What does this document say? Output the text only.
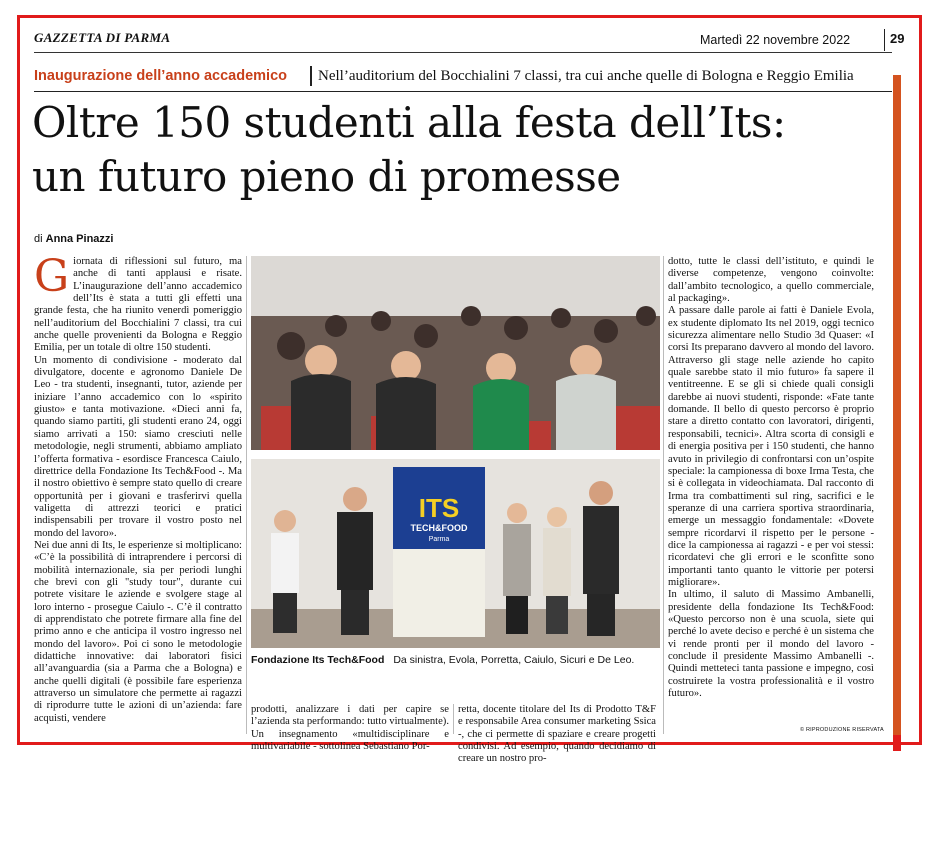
GAZZETTA DI PARMA	Martedì 22 novembre 2022	29
Inaugurazione dell’anno accademico Nell’auditorium del Bocchialini 7 classi, tra cui anche quelle di Bologna e Reggio Emilia
Oltre 150 studenti alla festa dell’Its:
un futuro pieno di promesse
di Anna Pinazzi

Giornata di riflessioni sul futuro, ma anche di tanti applausi e risate. L’inaugurazione dell’anno accademico dell’Its è stata a tutti gli effetti una grande festa, che ha riunito venerdì pomeriggio nell’auditorium del Bocchialini 7 classi, tra cui anche quelle provenienti da Bologna e Reggio Emilia, per un totale di oltre 150 studenti.

Un momento di condivisione - moderato dal divulgatore, docente e agronomo Daniele De Leo - tra studenti, insegnanti, tutor, aziende per iniziare l’anno accademico con lo «spirito giusto» e tanta motivazione. «Dieci anni fa, quando siamo partiti, gli studenti erano 24, oggi siamo arrivati a 150: siamo cresciuti nelle metodologie, negli strumenti, abbiamo ampliato l’offerta formativa - esordisce Francesca Caiulo, direttrice della Fondazione Its Tech&Food -. Ma il nostro obiettivo è sempre stato quello di creare opportunità per i giovani e trasferirvi quella valigetta di attrezzi teorici e pratici indispensabili per trovare il vostro posto nel mondo del lavoro».

Nei due anni di Its, le esperienze si moltiplicano: «C’è la possibilità di intraprendere i percorsi di mobilità internazionale, sia per periodi lunghi che brevi con gli "study tour", durante cui potrete visitare le aziende e svolgere stage al loro interno - prosegue Caiulo -. C’è il contratto di apprendistato che potrete firmare alla fine del primo anno e che anticipa il vostro ingresso nel mondo del lavoro». Poi ci sono le metodologie didattiche innovative: dai laboratori fisici all’avanguardia (sia a Parma che a Bologna) e anche quelli digitali (è possibile fare esperienza attraverso un simulatore che permette ai ragazzi di riprodurre tutte le azioni di un’azienda: fare acquisti, vendere

ITS
TECH&FOOD
Parma
Fondazione Its Tech&Food Da sinistra, Evola, Porretta, Caiulo, Sicuri e De Leo.

prodotti, analizzare i dati per capire se l’azienda sta performando: tutto virtualmente). Un insegnamento «multidisciplinare e multivariabile - sottolinea Sebastiano Por-

retta, docente titolare del Its di Prodotto T&F e responsabile Area consumer marketing Ssica -, che ci permette di spaziare e creare progetti condivisi. Ad esempio, quando decidiamo di creare un nostro pro-

dotto, tutte le classi dell’istituto, e quindi le diverse competenze, vengono coinvolte: dall’ambito tecnologico, a quello commerciale, al packaging».

A passare dalle parole ai fatti è Daniele Evola, ex studente diplomato Its nel 2019, oggi tecnico sicurezza alimentare nello Studio 3d Quaser: «I corsi Its preparano davvero al mondo del lavoro. Attraverso gli stage nelle aziende ho capito quale sarebbe stato il mio futuro» fa sapere il ventitreenne. E se gli si chiede quali consigli darebbe ai nuovi studenti, risponde: «Fate tante domande. Il bello di questo percorso è proprio stare a diretto contatto con lavoratori, dirigenti, responsabili, tecnici». Altra scorta di consigli e di energia positiva per i 150 studenti, che hanno avuto in privilegio di confrontarsi con un’ospite speciale: la campionessa di boxe Irma Testa, che si è collegata in videochiamata. Dal racconto di Irma tra combattimenti sul ring, sacrifici e le speranze di una carriera sportiva straordinaria, emerge un messaggio fondamentale: «Dovete sempre ricordarvi il rispetto per le persone - dice la campionessa ai ragazzi - e per voi stessi: ricordatevi che gli errori e le sconfitte sono importanti tanto quanto le vittorie per potersi migliorare».

In ultimo, il saluto di Massimo Ambanelli, presidente della fondazione Its Tech&Food: «Questo percorso non è una scuola, siete qui perché lo avete deciso e perché è un sistema che vi rende pronti per il mondo del lavoro - conclude il presidente Massimo Ambanelli -. Quindi metteteci tanta passione e impegno, così costruirete la vostra professionalità e il vostro futuro».

© RIPRODUZIONE RISERVATA
